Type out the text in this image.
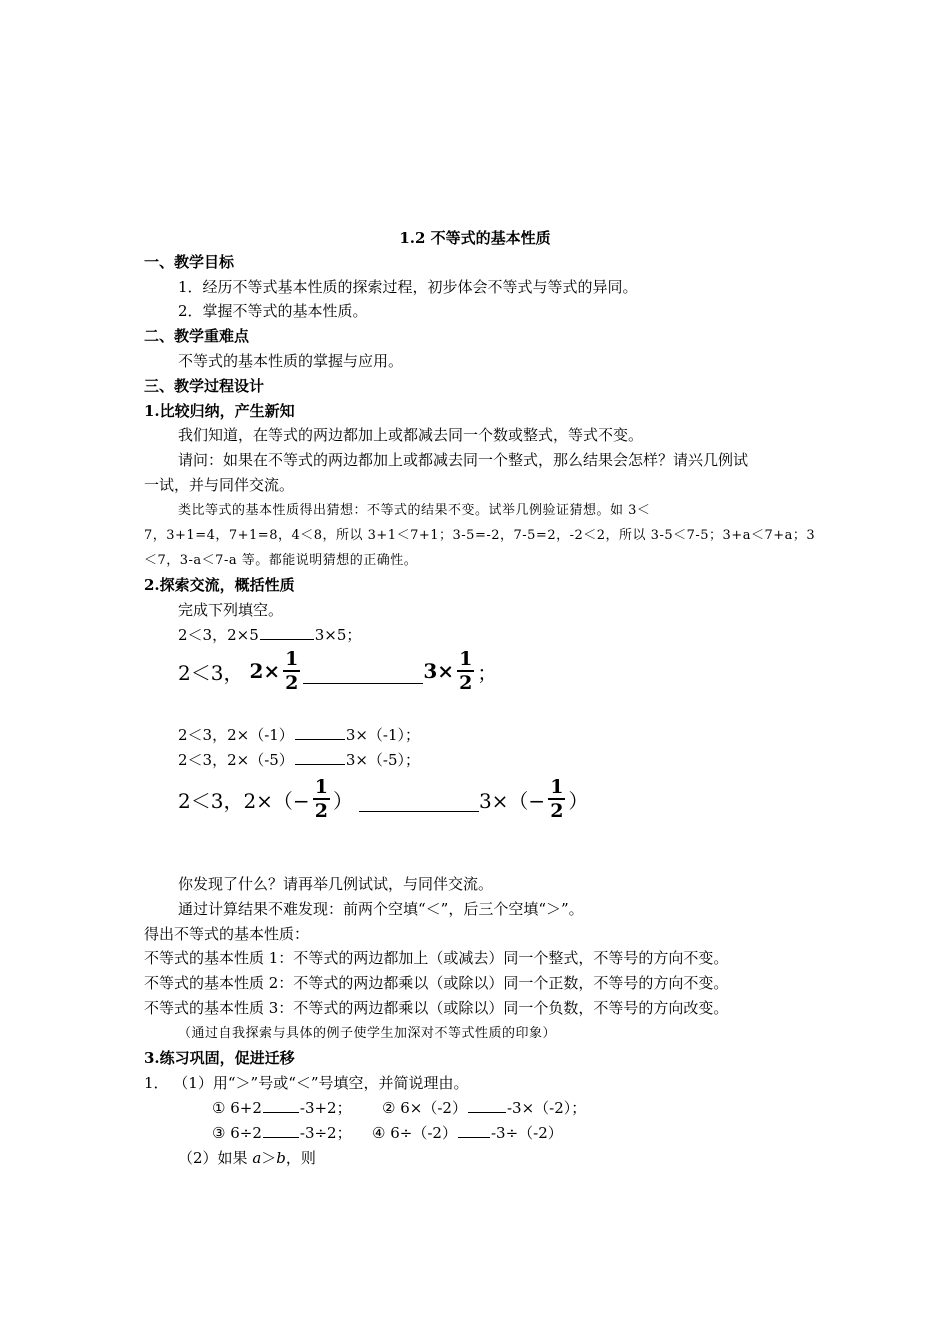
1.2 不等式的基本性质
一、教学目标
1．经历不等式基本性质的探索过程，初步体会不等式与等式的异同。
2．掌握不等式的基本性质。
二、教学重难点
不等式的基本性质的掌握与应用。
三、教学过程设计
1.比较归纳，产生新知
我们知道，在等式的两边都加上或都减去同一个数或整式，等式不变。
请问：如果在不等式的两边都加上或都减去同一个整式，那么结果会怎样？请兴几例试
一试，并与同伴交流。
类比等式的基本性质得出猜想：不等式的结果不变。试举几例验证猜想。如 3＜
7，3+1=4，7+1=8，4＜8，所以 3+1＜7+1；3-5=-2，7-5=2，-2＜2，所以 3-5＜7-5；3+a＜7+a；3
＜7，3-a＜7-a 等。都能说明猜想的正确性。
2.探索交流，概括性质
完成下列填空。
2＜3，2×5	3×5；
2＜3， $2 \times \frac{1}{2}$	$3 \times \frac{1}{2}$ ；
2＜3，2×（-1）	3×（-1）；
2＜3，2×（-5）	3×（-5）；
2＜3，$2\times(- \frac{1}{2}$ ）	$3\times(- \frac{1}{2}$ ）
你发现了什么？请再举几例试试，与同伴交流。
通过计算结果不难发现：前两个空填“＜”，后三个空填“＞”。
得出不等式的基本性质：
不等式的基本性质 1：不等式的两边都加上（或减去）同一个整式，不等号的方向不变。
不等式的基本性质 2：不等式的两边都乘以（或除以）同一个正数，不等号的方向不变。
不等式的基本性质 3：不等式的两边都乘以（或除以）同一个负数，不等号的方向改变。
（通过自我探索与具体的例子使学生加深对不等式性质的印象）
3.练习巩固，促进迁移
1． （1）用“＞”号或“＜”号填空，并简说理由。
① 6+2	-3+2； ② 6×（-2）	-3×（-2）；
③ 6÷2	-3÷2； ④ 6÷（-2） -3÷（-2）
（2）如果 a＞b，则
